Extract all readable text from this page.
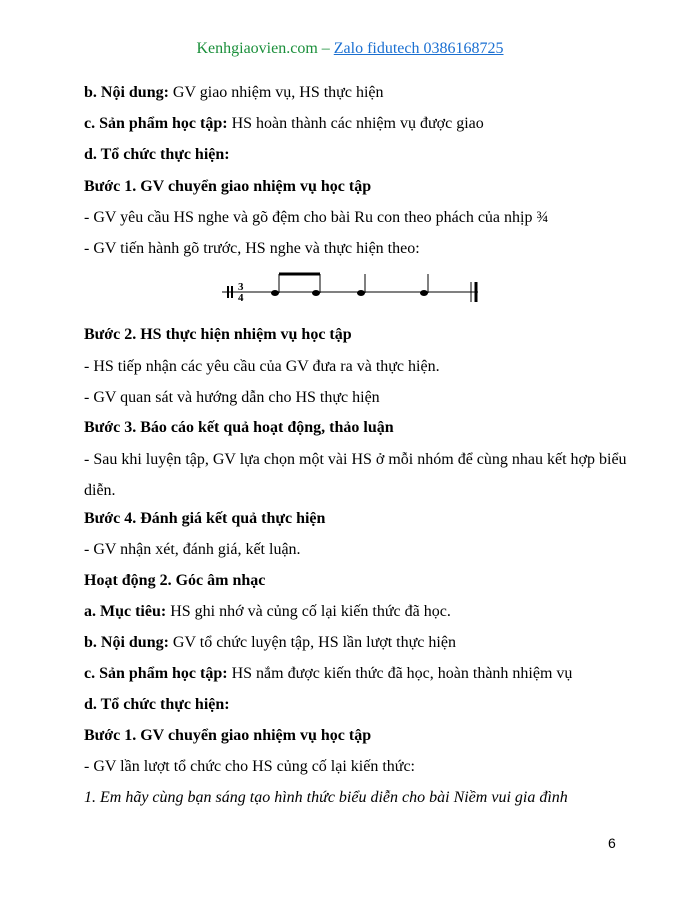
Kenhgiaovien.com – Zalo fidutech 0386168725
b. Nội dung: GV giao nhiệm vụ, HS thực hiện
c. Sản phẩm học tập: HS hoàn thành các nhiệm vụ được giao
d. Tổ chức thực hiện:
Bước 1. GV chuyển giao nhiệm vụ học tập
- GV yêu cầu HS nghe và gõ đệm cho bài Ru con theo phách của nhịp ¾
- GV tiến hành gõ trước, HS nghe và thực hiện theo:
3
4
Bước 2. HS thực hiện nhiệm vụ học tập
- HS tiếp nhận các yêu cầu của GV đưa ra và thực hiện.
- GV quan sát và hướng dẫn cho HS thực hiện
Bước 3. Báo cáo kết quả hoạt động, thảo luận
- Sau khi luyện tập, GV lựa chọn một vài HS ở mỗi nhóm để cùng nhau kết hợp biểu diễn.
Bước 4. Đánh giá kết quả thực hiện
- GV nhận xét, đánh giá, kết luận.
Hoạt động 2. Góc âm nhạc
a. Mục tiêu: HS ghi nhớ và củng cố lại kiến thức đã học.
b. Nội dung: GV tổ chức luyện tập, HS lần lượt thực hiện
c. Sản phẩm học tập: HS nắm được kiến thức đã học, hoàn thành nhiệm vụ
d. Tổ chức thực hiện:
Bước 1. GV chuyển giao nhiệm vụ học tập
- GV lần lượt tổ chức cho HS củng cố lại kiến thức:
1. Em hãy cùng bạn sáng tạo hình thức biểu diễn cho bài Niềm vui gia đình
6
